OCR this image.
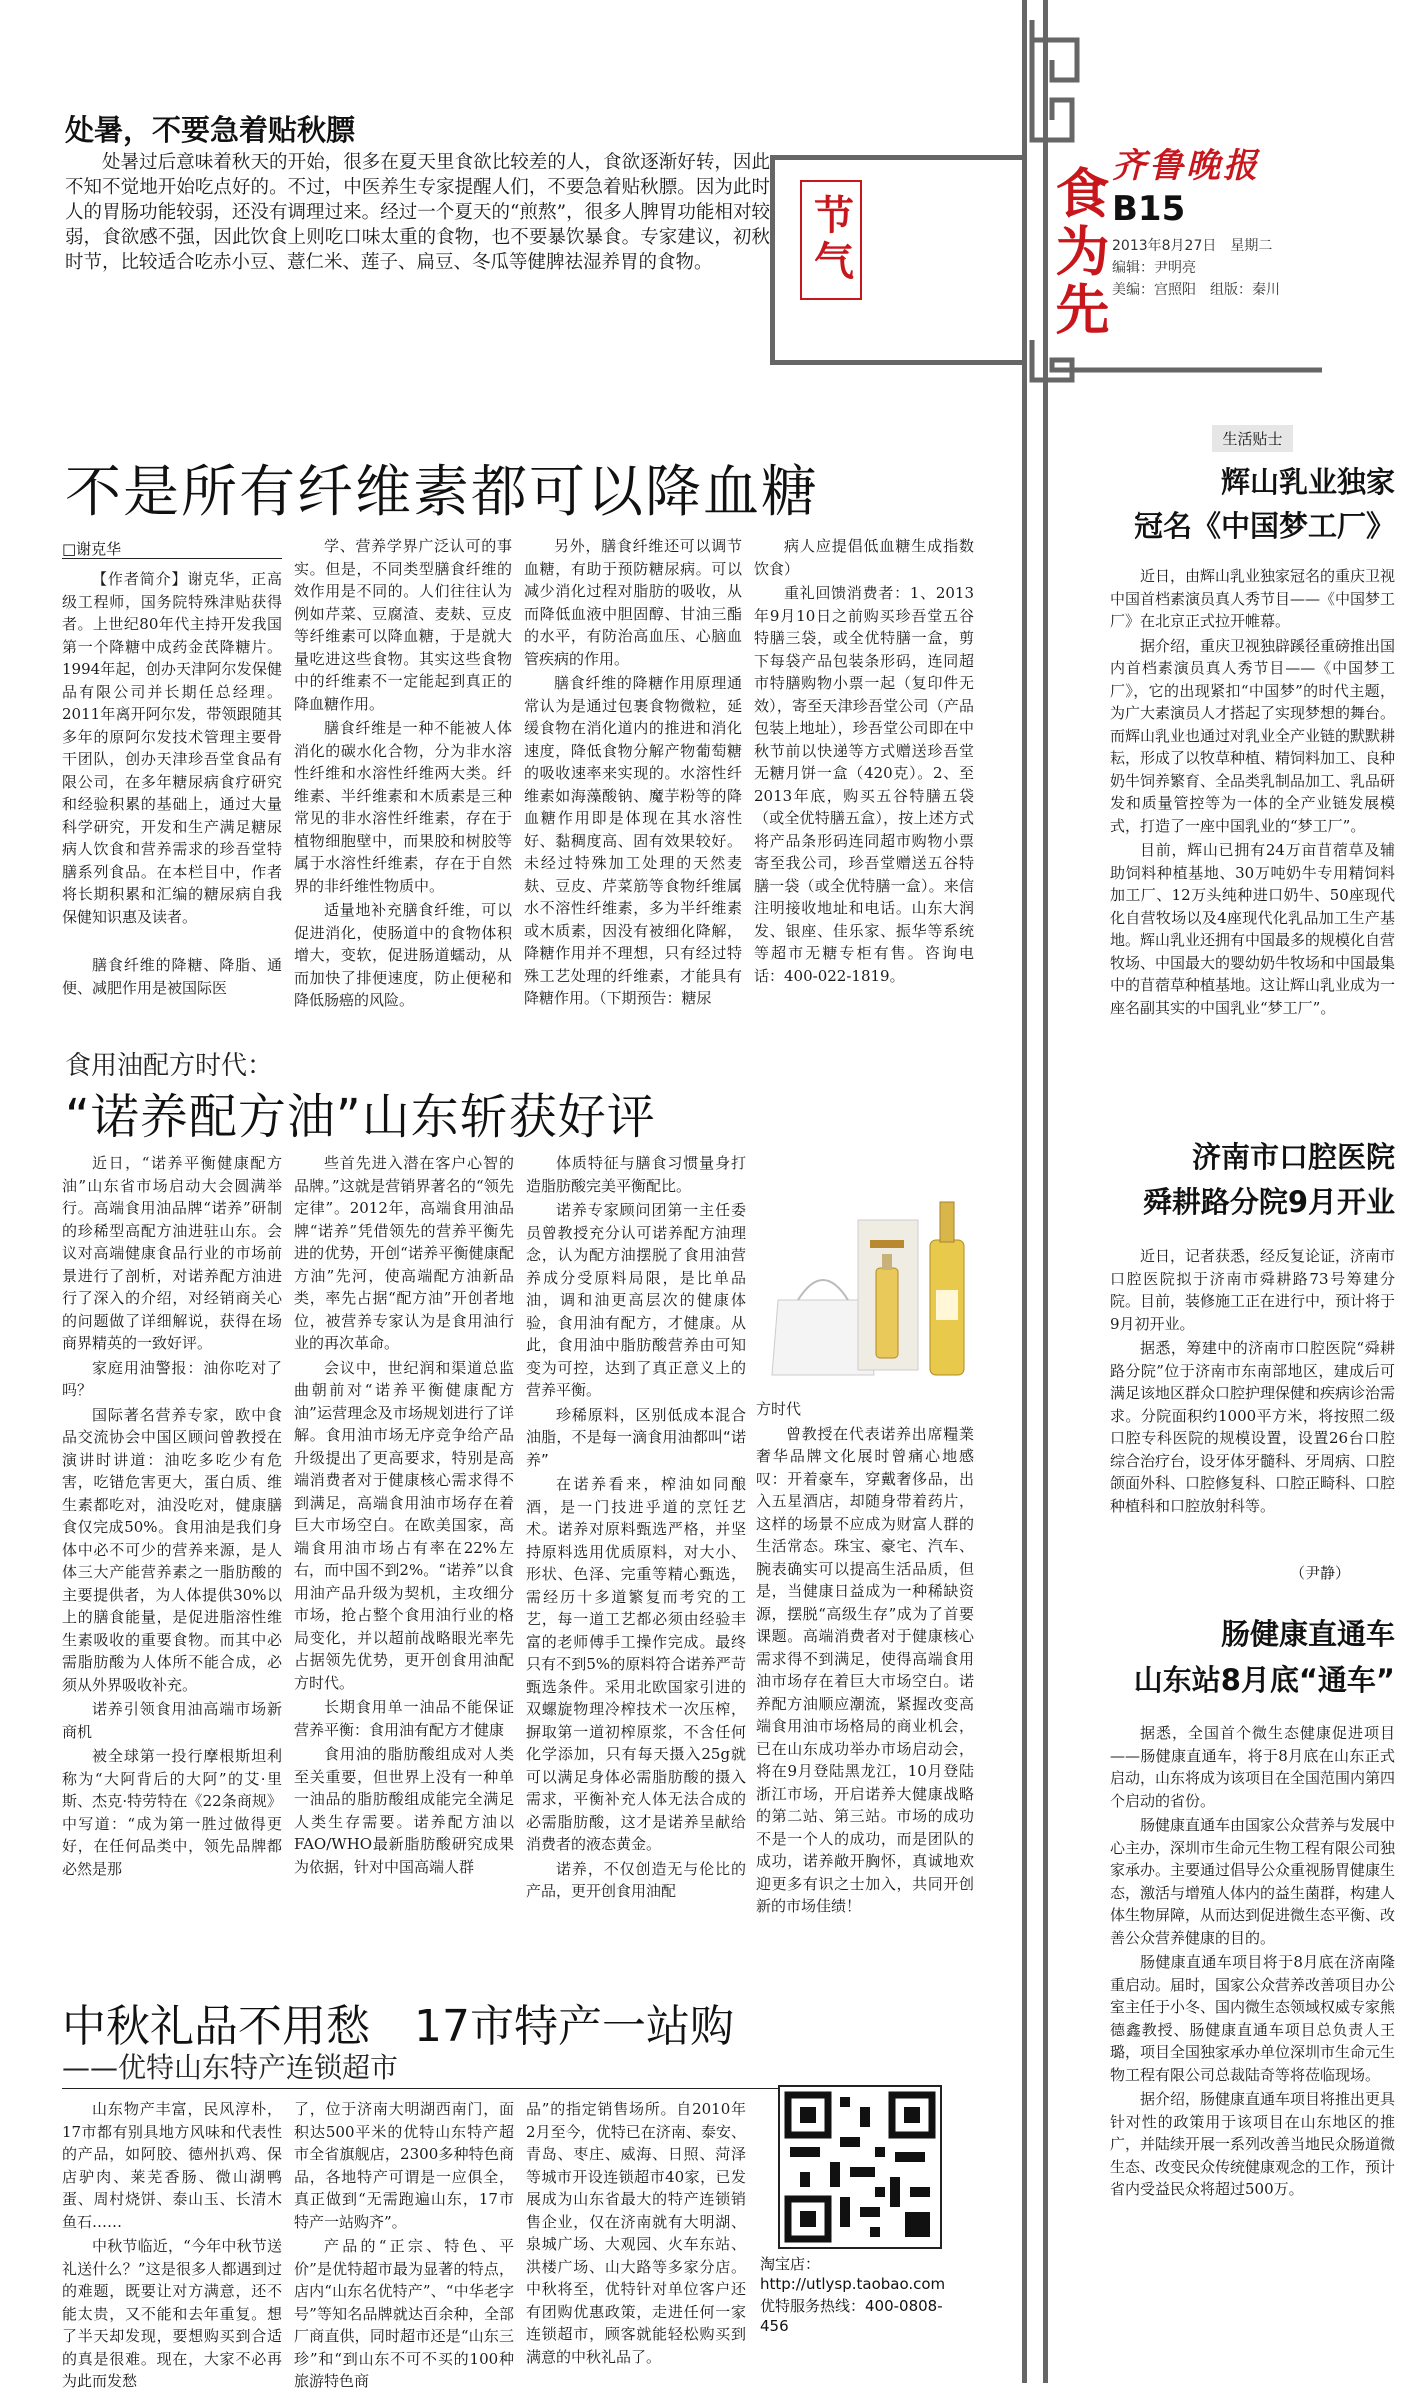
节气	食为先 齐鲁晚报
B15
2013年8月27日　星期二
编辑：尹明亮
美编：宫照阳　组版：秦川
处暑，不要急着贴秋膘

处暑过后意味着秋天的开始，很多在夏天里食欲比较差的人，食欲逐渐好转，因此不知不觉地开始吃点好的。不过，中医养生专家提醒人们，不要急着贴秋膘。因为此时人的胃肠功能较弱，还没有调理过来。经过一个夏天的“煎熬”，很多人脾胃功能相对较弱，食欲感不强，因此饮食上则吃口味太重的食物，也不要暴饮暴食。专家建议，初秋时节，比较适合吃赤小豆、薏仁米、莲子、扁豆、冬瓜等健脾祛湿养胃的食物。

不是所有纤维素都可以降血糖
□谢克华

【作者简介】谢克华，正高级工程师，国务院特殊津贴获得者。上世纪80年代主持开发我国第一个降糖中成药金芪降糖片。1994年起，创办天津阿尔发保健品有限公司并长期任总经理。2011年离开阿尔发，带领跟随其多年的原阿尔发技术管理主要骨干团队，创办天津珍吾堂食品有限公司，在多年糖尿病食疗研究和经验积累的基础上，通过大量科学研究，开发和生产满足糖尿病人饮食和营养需求的珍吾堂特膳系列食品。在本栏目中，作者将长期积累和汇编的糖尿病自我保健知识惠及读者。

膳食纤维的降糖、降脂、通便、减肥作用是被国际医

学、营养学界广泛认可的事实。但是，不同类型膳食纤维的效作用是不同的。人们往往认为例如芹菜、豆腐渣、麦麸、豆皮等纤维素可以降血糖，于是就大量吃进这些食物。其实这些食物中的纤维素不一定能起到真正的降血糖作用。

膳食纤维是一种不能被人体消化的碳水化合物，分为非水溶性纤维和水溶性纤维两大类。纤维素、半纤维素和木质素是三种常见的非水溶性纤维素，存在于植物细胞壁中，而果胶和树胶等属于水溶性纤维素，存在于自然界的非纤维性物质中。

适量地补充膳食纤维，可以促进消化，使肠道中的食物体积增大，变软，促进肠道蠕动，从而加快了排便速度，防止便秘和降低肠癌的风险。

另外，膳食纤维还可以调节血糖，有助于预防糖尿病。可以减少消化过程对脂肪的吸收，从而降低血液中胆固醇、甘油三酯的水平，有防治高血压、心脑血管疾病的作用。

膳食纤维的降糖作用原理通常认为是通过包裹食物微粒，延缓食物在消化道内的推进和消化速度，降低食物分解产物葡萄糖的吸收速率来实现的。水溶性纤维素如海藻酸钠、魔芋粉等的降血糖作用即是体现在其水溶性好、黏稠度高、固有效果较好。未经过特殊加工处理的天然麦麸、豆皮、芹菜筋等食物纤维属水不溶性纤维素，多为半纤维素或木质素，因没有被细化降解，降糖作用并不理想，只有经过特殊工艺处理的纤维素，才能具有降糖作用。（下期预告：糖尿

病人应提倡低血糖生成指数饮食）

重礼回馈消费者：1、2013年9月10日之前购买珍吾堂五谷特膳三袋，或全优特膳一盒，剪下每袋产品包装条形码，连同超市特膳购物小票一起（复印件无效），寄至天津珍吾堂公司（产品包装上地址），珍吾堂公司即在中秋节前以快递等方式赠送珍吾堂无糖月饼一盒（420克）。2、至2013年底，购买五谷特膳五袋（或全优特膳五盒），按上述方式将产品条形码连同超市购物小票寄至我公司，珍吾堂赠送五谷特膳一袋（或全优特膳一盒）。来信注明接收地址和电话。山东大润发、银座、佳乐家、振华等系统等超市无糖专柜有售。咨询电话：400-022-1819。

食用油配方时代：
“诺养配方油”山东斩获好评

近日，“诺养平衡健康配方油”山东省市场启动大会圆满举行。高端食用油品牌“诺养”研制的珍稀型高配方油进驻山东。会议对高端健康食品行业的市场前景进行了剖析，对诺养配方油进行了深入的介绍，对经销商关心的问题做了详细解说，获得在场商界精英的一致好评。

家庭用油警报：油你吃对了吗？

国际著名营养专家，欧中食品交流协会中国区顾问曾教授在演讲时讲道：油吃多吃少有危害，吃错危害更大，蛋白质、维生素都吃对，油没吃对，健康膳食仅完成50%。食用油是我们身体中必不可少的营养来源，是人体三大产能营养素之一脂肪酸的主要提供者，为人体提供30%以上的膳食能量，是促进脂溶性维生素吸收的重要食物。而其中必需脂肪酸为人体所不能合成，必须从外界吸收补充。

诺养引领食用油高端市场新商机

被全球第一投行摩根斯坦利称为“大阿背后的大阿”的艾·里斯、杰克·特劳特在《22条商规》中写道：“成为第一胜过做得更好，在任何品类中，领先品牌都必然是那

些首先进入潜在客户心智的品牌。”这就是营销界著名的“领先定律”。2012年，高端食用油品牌“诺养”凭借领先的营养平衡先进的优势，开创“诺养平衡健康配方油”先河，使高端配方油新品类，率先占据“配方油”开创者地位，被营养专家认为是食用油行业的再次革命。

会议中，世纪润和渠道总监曲朝前对“诺养平衡健康配方油”运营理念及市场规划进行了详解。食用油市场无序竞争给产品升级提出了更高要求，特别是高端消费者对于健康核心需求得不到满足，高端食用油市场存在着巨大市场空白。在欧美国家，高端食用油市场占有率在22%左右，而中国不到2%。“诺养”以食用油产品升级为契机，主攻细分市场，抢占整个食用油行业的格局变化，并以超前战略眼光率先占据领先优势，更开创食用油配方时代。

长期食用单一油品不能保证营养平衡：食用油有配方才健康

食用油的脂肪酸组成对人类至关重要，但世界上没有一种单一油品的脂肪酸组成能完全满足人类生存需要。诺养配方油以FAO/WHO最新脂肪酸研究成果为依据，针对中国高端人群

体质特征与膳食习惯量身打造脂肪酸完美平衡配比。

诺养专家顾问团第一主任委员曾教授充分认可诺养配方油理念，认为配方油摆脱了食用油营养成分受原料局限，是比单品油，调和油更高层次的健康体验，食用油有配方，才健康。从此，食用油中脂肪酸营养由可知变为可控，达到了真正意义上的营养平衡。

珍稀原料，区别低成本混合油脂，不是每一滴食用油都叫“诺养”

在诺养看来，榨油如同酿酒，是一门技进乎道的烹饪艺术。诺养对原料甄选严格，并坚持原料选用优质原料，对大小、形状、色泽、完重等精心甄选，需经历十多道繁复而考究的工艺，每一道工艺都必须由经验丰富的老师傅手工操作完成。最终只有不到5%的原料符合诺养严苛甄选条件。采用北欧国家引进的双螺旋物理冷榨技术一次压榨，摒取第一道初榨原浆，不含任何化学添加，只有每天摄入25g就可以满足身体必需脂肪酸的摄入需求，平衡补充人体无法合成的必需脂肪酸，这才是诺养呈献给消费者的液态黄金。

诺养，不仅创造无与伦比的产品，更开创食用油配

方时代

曾教授在代表诺养出席糧業奢华品牌文化展时曾痛心地感叹：开着豪车，穿戴奢侈品，出入五星酒店，却随身带着药片，这样的场景不应成为财富人群的生活常态。珠宝、豪宅、汽车、腕表确实可以提高生活品质，但是，当健康日益成为一种稀缺资源，摆脱“高级生存”成为了首要课题。高端消费者对于健康核心需求得不到满足，使得高端食用油市场存在着巨大市场空白。诺养配方油顺应潮流，紧握改变高端食用油市场格局的商业机会，已在山东成功举办市场启动会，将在9月登陆黑龙江，10月登陆浙江市场，开启诺养大健康战略的第二站、第三站。市场的成功不是一个人的成功，而是团队的成功，诺养敞开胸怀，真诚地欢迎更多有识之士加入，共同开创新的市场佳绩！

中秋礼品不用愁　17市特产一站购
——优特山东特产连锁超市

山东物产丰富，民风淳朴，17市都有别具地方风味和代表性的产品，如阿胶、德州扒鸡、保店驴肉、莱芜香肠、微山湖鸭蛋、周村烧饼、泰山玉、长清木鱼石……

中秋节临近，“今年中秋节送礼送什么？”这是很多人都遇到过的难题，既要让对方满意，还不能太贵，又不能和去年重复。想了半天却发现，要想购买到合适的真是很难。现在，大家不必再为此而发愁

了，位于济南大明湖西南门，面积达500平米的优特山东特产超市全省旗舰店，2300多种特色商品，各地特产可谓是一应俱全，真正做到“无需跑遍山东，17市特产一站购齐”。

产品的“正宗、特色、平价”是优特超市最为显著的特点，店内“山东名优特产”、“中华老字号”等知名品牌就达百余种，全部厂商直供，同时超市还是“山东三珍”和“到山东不可不买的100种旅游特色商

品”的指定销售场所。自2010年2月至今，优特已在济南、泰安、青岛、枣庄、威海、日照、菏泽等城市开设连锁超市40家，已发展成为山东省最大的特产连锁销售企业，仅在济南就有大明湖、泉城广场、大观园、火车东站、洪楼广场、山大路等多家分店。中秋将至，优特针对单位客户还有团购优惠政策，走进任何一家连锁超市，顾客就能轻松购买到满意的中秋礼品了。

淘宝店：http://utlysp.taobao.com
优特服务热线：400-0808-456
生活贴士
辉山乳业独家
冠名《中国梦工厂》

近日，由辉山乳业独家冠名的重庆卫视中国首档素演员真人秀节目——《中国梦工厂》在北京正式拉开帷幕。

据介绍，重庆卫视独辟蹊径重磅推出国内首档素演员真人秀节目——《中国梦工厂》，它的出现紧扣“中国梦”的时代主题，为广大素演员人才搭起了实现梦想的舞台。而辉山乳业也通过对乳业全产业链的默默耕耘，形成了以牧草种植、精饲料加工、良种奶牛饲养繁育、全品类乳制品加工、乳品研发和质量管控等为一体的全产业链发展模式，打造了一座中国乳业的“梦工厂”。

目前，辉山已拥有24万亩苜蓿草及辅助饲料种植基地、30万吨奶牛专用精饲料加工厂、12万头纯种进口奶牛、50座现代化自营牧场以及4座现代化乳品加工生产基地。辉山乳业还拥有中国最多的规模化自营牧场、中国最大的婴幼奶牛牧场和中国最集中的苜蓿草种植基地。这让辉山乳业成为一座名副其实的中国乳业“梦工厂”。

济南市口腔医院
舜耕路分院9月开业

近日，记者获悉，经反复论证，济南市口腔医院拟于济南市舜耕路73号筹建分院。目前，装修施工正在进行中，预计将于9月初开业。

据悉，筹建中的济南市口腔医院“舜耕路分院”位于济南市东南部地区，建成后可满足该地区群众口腔护理保健和疾病诊治需求。分院面积约1000平方米，将按照二级口腔专科医院的规模设置，设置26台口腔综合治疗台，设牙体牙髓科、牙周病、口腔颌面外科、口腔修复科、口腔正畸科、口腔种植科和口腔放射科等。

（尹静）
肠健康直通车
山东站8月底“通车”

据悉，全国首个微生态健康促进项目——肠健康直通车，将于8月底在山东正式启动，山东将成为该项目在全国范围内第四个启动的省份。

肠健康直通车由国家公众营养与发展中心主办，深圳市生命元生物工程有限公司独家承办。主要通过倡导公众重视肠胃健康生态，激活与增殖人体内的益生菌群，构建人体生物屏障，从而达到促进微生态平衡、改善公众营养健康的目的。

肠健康直通车项目将于8月底在济南隆重启动。届时，国家公众营养改善项目办公室主任于小冬、国内微生态领域权威专家熊德鑫教授、肠健康直通车项目总负责人王璐，项目全国独家承办单位深圳市生命元生物工程有限公司总裁陆奇等将莅临现场。

据介绍，肠健康直通车项目将推出更具针对性的政策用于该项目在山东地区的推广，并陆续开展一系列改善当地民众肠道微生态、改变民众传统健康观念的工作，预计省内受益民众将超过500万。
